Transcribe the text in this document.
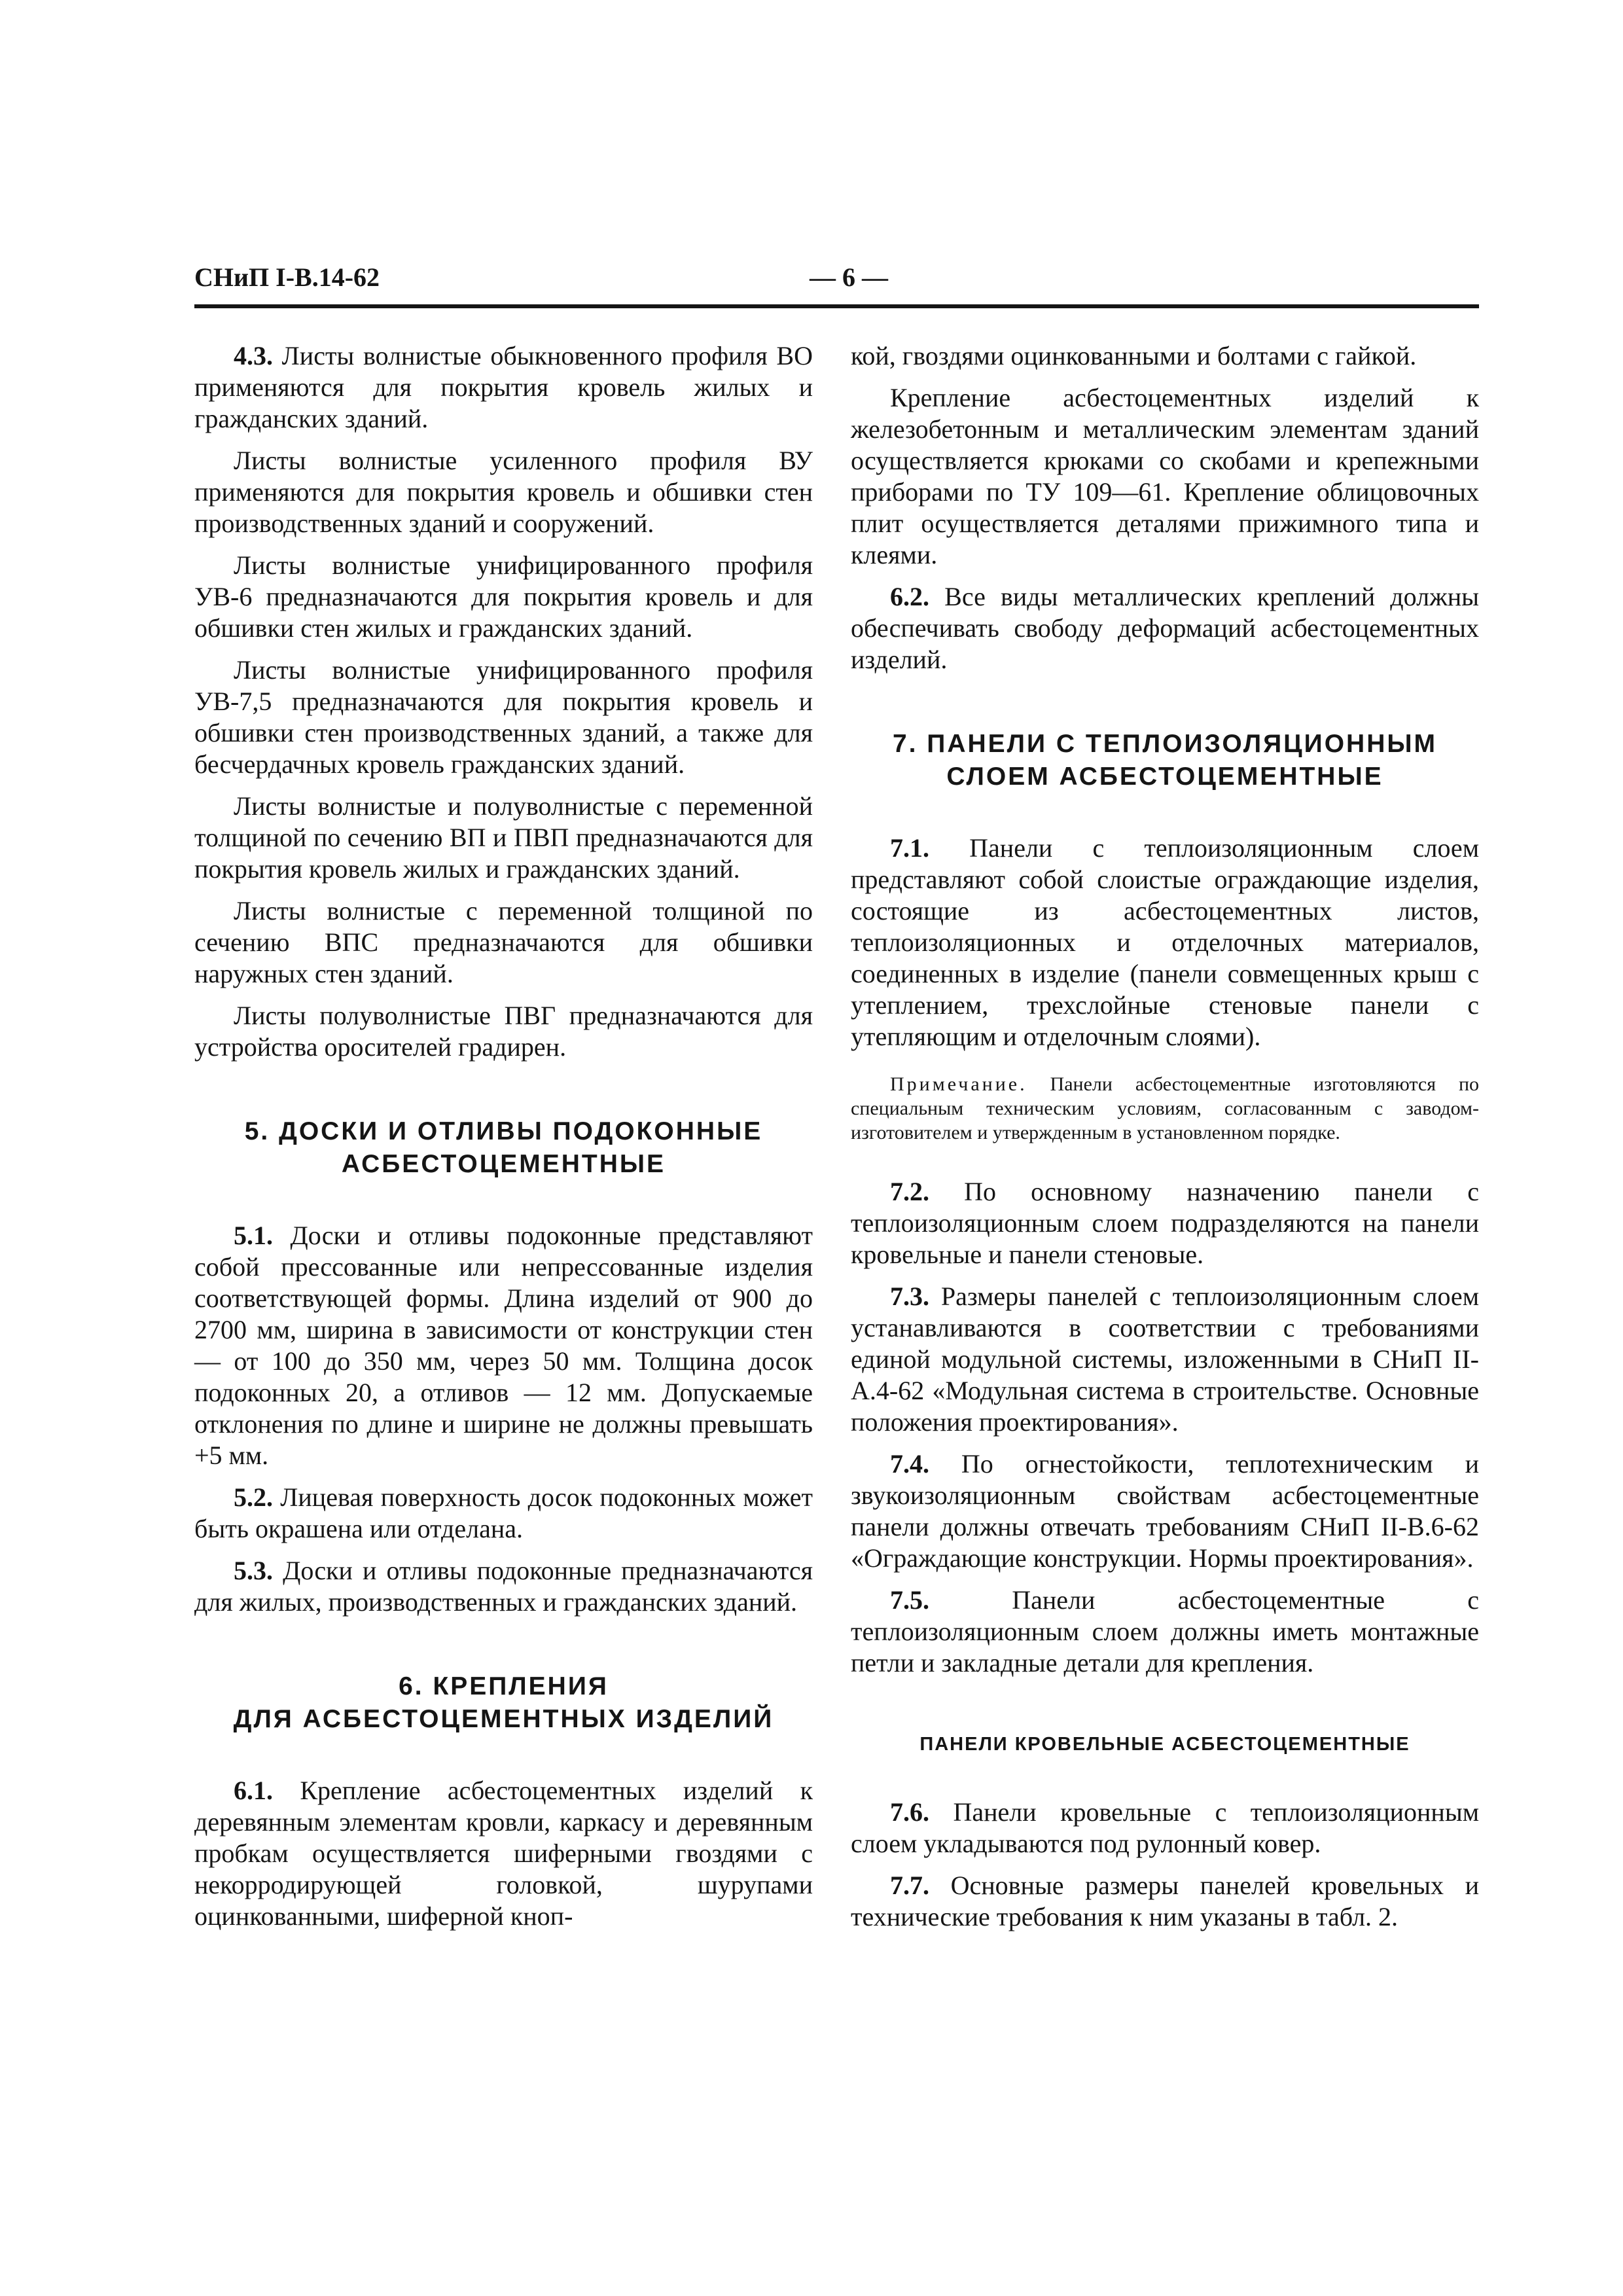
СНиП I-В.14-62	— 6 —

4.3. Листы волнистые обыкновенного профиля ВО применяются для покрытия кровель жилых и гражданских зданий.

Листы волнистые усиленного профиля ВУ применяются для покрытия кровель и обшивки стен производственных зданий и сооружений.

Листы волнистые унифицированного профиля УВ-6 предназначаются для покрытия кровель и для обшивки стен жилых и гражданских зданий.

Листы волнистые унифицированного профиля УВ-7,5 предназначаются для покрытия кровель и обшивки стен производственных зданий, а также для бесчердачных кровель гражданских зданий.

Листы волнистые и полуволнистые с переменной толщиной по сечению ВП и ПВП предназначаются для покрытия кровель жилых и гражданских зданий.

Листы волнистые с переменной толщиной по сечению ВПС предназначаются для обшивки наружных стен зданий.

Листы полуволнистые ПВГ предназначаются для устройства оросителей градирен.

5. ДОСКИ И ОТЛИВЫ ПОДОКОННЫЕ
АСБЕСТОЦЕМЕНТНЫЕ

5.1. Доски и отливы подоконные представляют собой прессованные или непрессованные изделия соответствующей формы. Длина изделий от 900 до 2700 мм, ширина в зависимости от конструкции стен — от 100 до 350 мм, через 50 мм. Толщина досок подоконных 20, а отливов — 12 мм. Допускаемые отклонения по длине и ширине не должны превышать +5 мм.

5.2. Лицевая поверхность досок подоконных может быть окрашена или отделана.

5.3. Доски и отливы подоконные предназначаются для жилых, производственных и гражданских зданий.

6. КРЕПЛЕНИЯ
ДЛЯ АСБЕСТОЦЕМЕНТНЫХ ИЗДЕЛИЙ

6.1. Крепление асбестоцементных изделий к деревянным элементам кровли, каркасу и деревянным пробкам осуществляется шиферными гвоздями с некорродирующей головкой, шурупами оцинкованными, шиферной кноп-

кой, гвоздями оцинкованными и болтами с гайкой.

Крепление асбестоцементных изделий к железобетонным и металлическим элементам зданий осуществляется крюками со скобами и крепежными приборами по ТУ 109—61. Крепление облицовочных плит осуществляется деталями прижимного типа и клеями.

6.2. Все виды металлических креплений должны обеспечивать свободу деформаций асбестоцементных изделий.

7. ПАНЕЛИ С ТЕПЛОИЗОЛЯЦИОННЫМ
СЛОЕМ АСБЕСТОЦЕМЕНТНЫЕ

7.1. Панели с теплоизоляционным слоем представляют собой слоистые ограждающие изделия, состоящие из асбестоцементных листов, теплоизоляционных и отделочных материалов, соединенных в изделие (панели совмещенных крыш с утеплением, трехслойные стеновые панели с утепляющим и отделочным слоями).

Примечание. Панели асбестоцементные изготовляются по специальным техническим условиям, согласованным с заводом-изготовителем и утвержденным в установленном порядке.

7.2. По основному назначению панели с теплоизоляционным слоем подразделяются на панели кровельные и панели стеновые.

7.3. Размеры панелей с теплоизоляционным слоем устанавливаются в соответствии с требованиями единой модульной системы, изложенными в СНиП II-А.4-62 «Модульная система в строительстве. Основные положения проектирования».

7.4. По огнестойкости, теплотехническим и звукоизоляционным свойствам асбестоцементные панели должны отвечать требованиям СНиП II-В.6-62 «Ограждающие конструкции. Нормы проектирования».

7.5.	Панели асбестоцементные с теплоизоляционным слоем должны иметь монтажные петли и закладные детали для крепления.

ПАНЕЛИ КРОВЕЛЬНЫЕ АСБЕСТОЦЕМЕНТНЫЕ

7.6. Панели кровельные с теплоизоляционным слоем укладываются под рулонный ковер.

7.7. Основные размеры панелей кровельных и технические требования к ним указаны в табл. 2.
